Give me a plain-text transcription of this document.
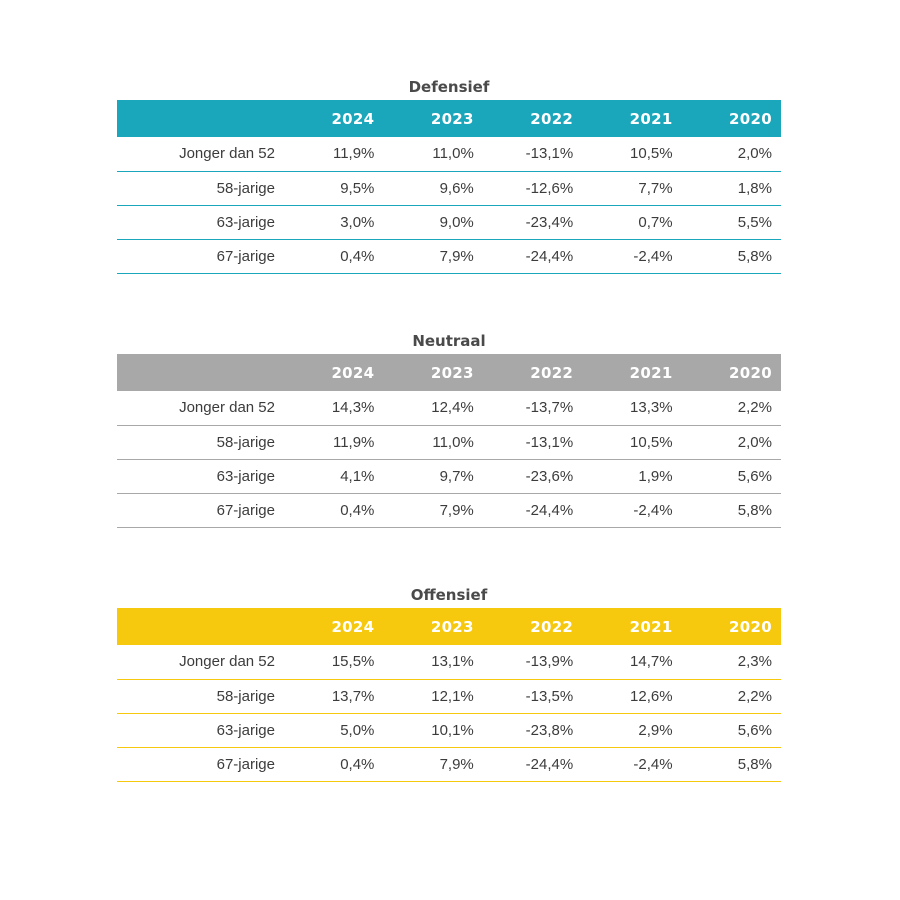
Defensief
	2024	2023	2022	2021	2020
Jonger dan 52	11,9%	11,0%	-13,1%	10,5%	2,0%
58-jarige	9,5%	9,6%	-12,6%	7,7%	1,8%
63-jarige	3,0%	9,0%	-23,4%	0,7%	5,5%
67-jarige	0,4%	7,9%	-24,4%	-2,4%	5,8%
Neutraal
	2024	2023	2022	2021	2020
Jonger dan 52	14,3%	12,4%	-13,7%	13,3%	2,2%
58-jarige	11,9%	11,0%	-13,1%	10,5%	2,0%
63-jarige	4,1%	9,7%	-23,6%	1,9%	5,6%
67-jarige	0,4%	7,9%	-24,4%	-2,4%	5,8%
Offensief
	2024	2023	2022	2021	2020
Jonger dan 52	15,5%	13,1%	-13,9%	14,7%	2,3%
58-jarige	13,7%	12,1%	-13,5%	12,6%	2,2%
63-jarige	5,0%	10,1%	-23,8%	2,9%	5,6%
67-jarige	0,4%	7,9%	-24,4%	-2,4%	5,8%
